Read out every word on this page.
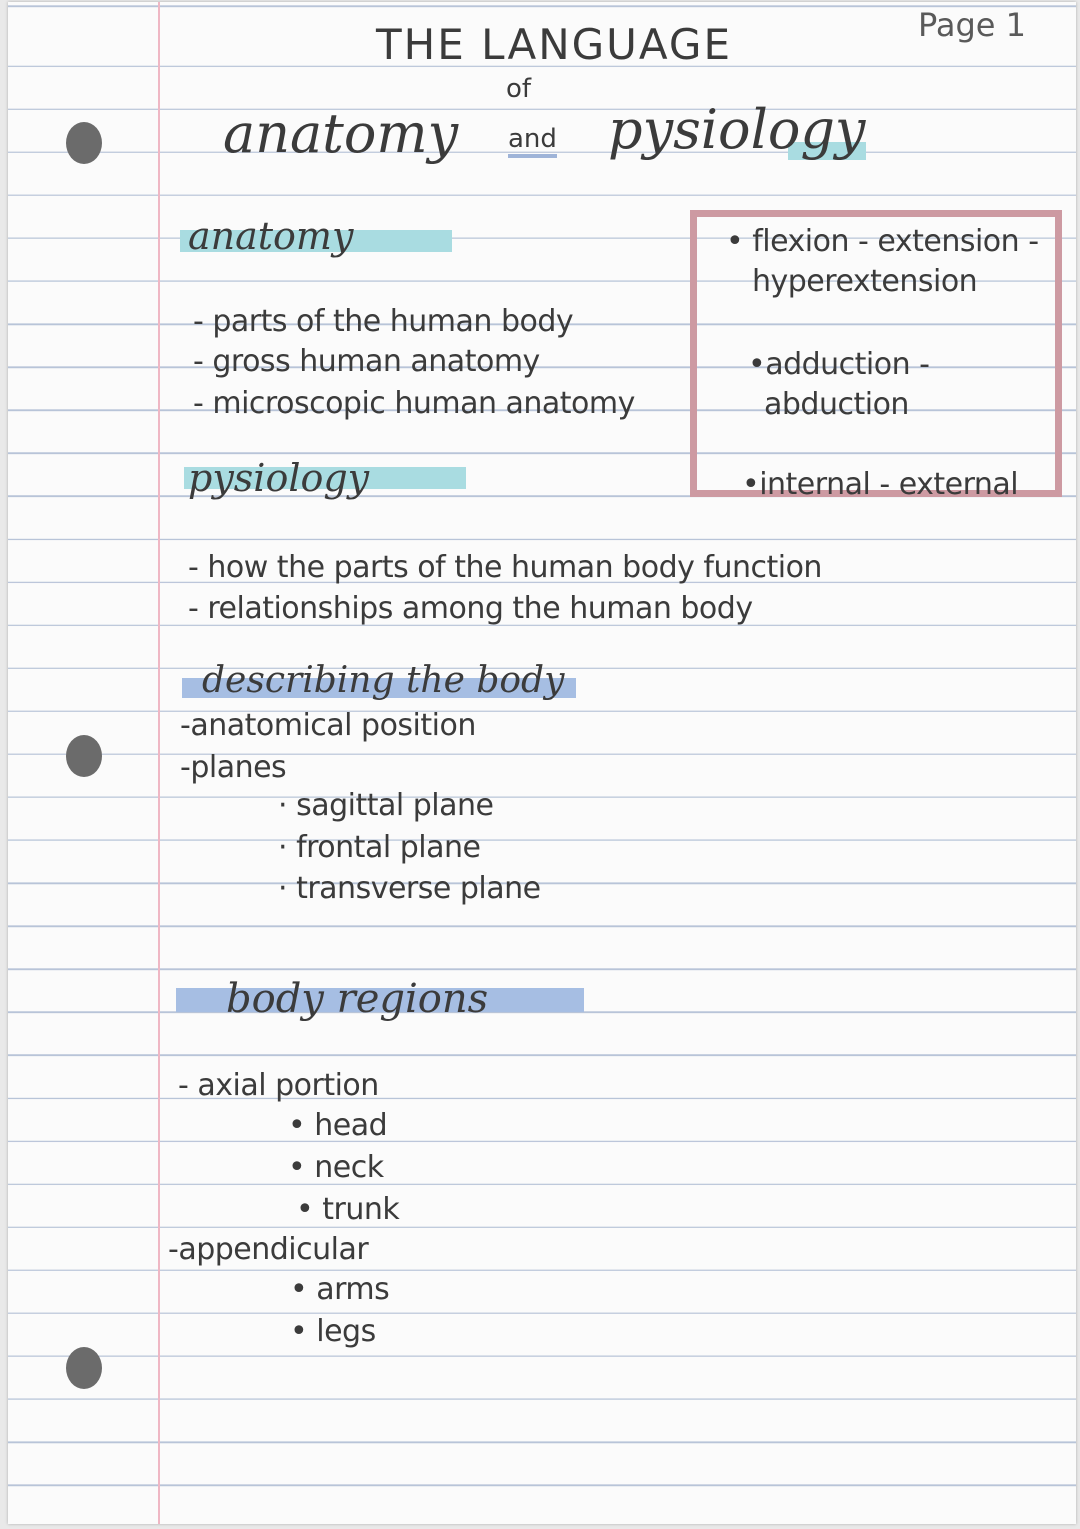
Page 1
THE LANGUAGE
of
anatomy and pysiology
anatomy
- parts of the human body
- gross human anatomy
- microscopic human anatomy
• flexion - extension -
hyperextension
•adduction -
abduction
•internal - external
pysiology
- how the parts of the human body function
- relationships among the human body
describing the body
-anatomical position
-planes
· sagittal plane
· frontal plane
· transverse plane
body regions
- axial portion
• head
• neck
• trunk
-appendicular
• arms
• legs
